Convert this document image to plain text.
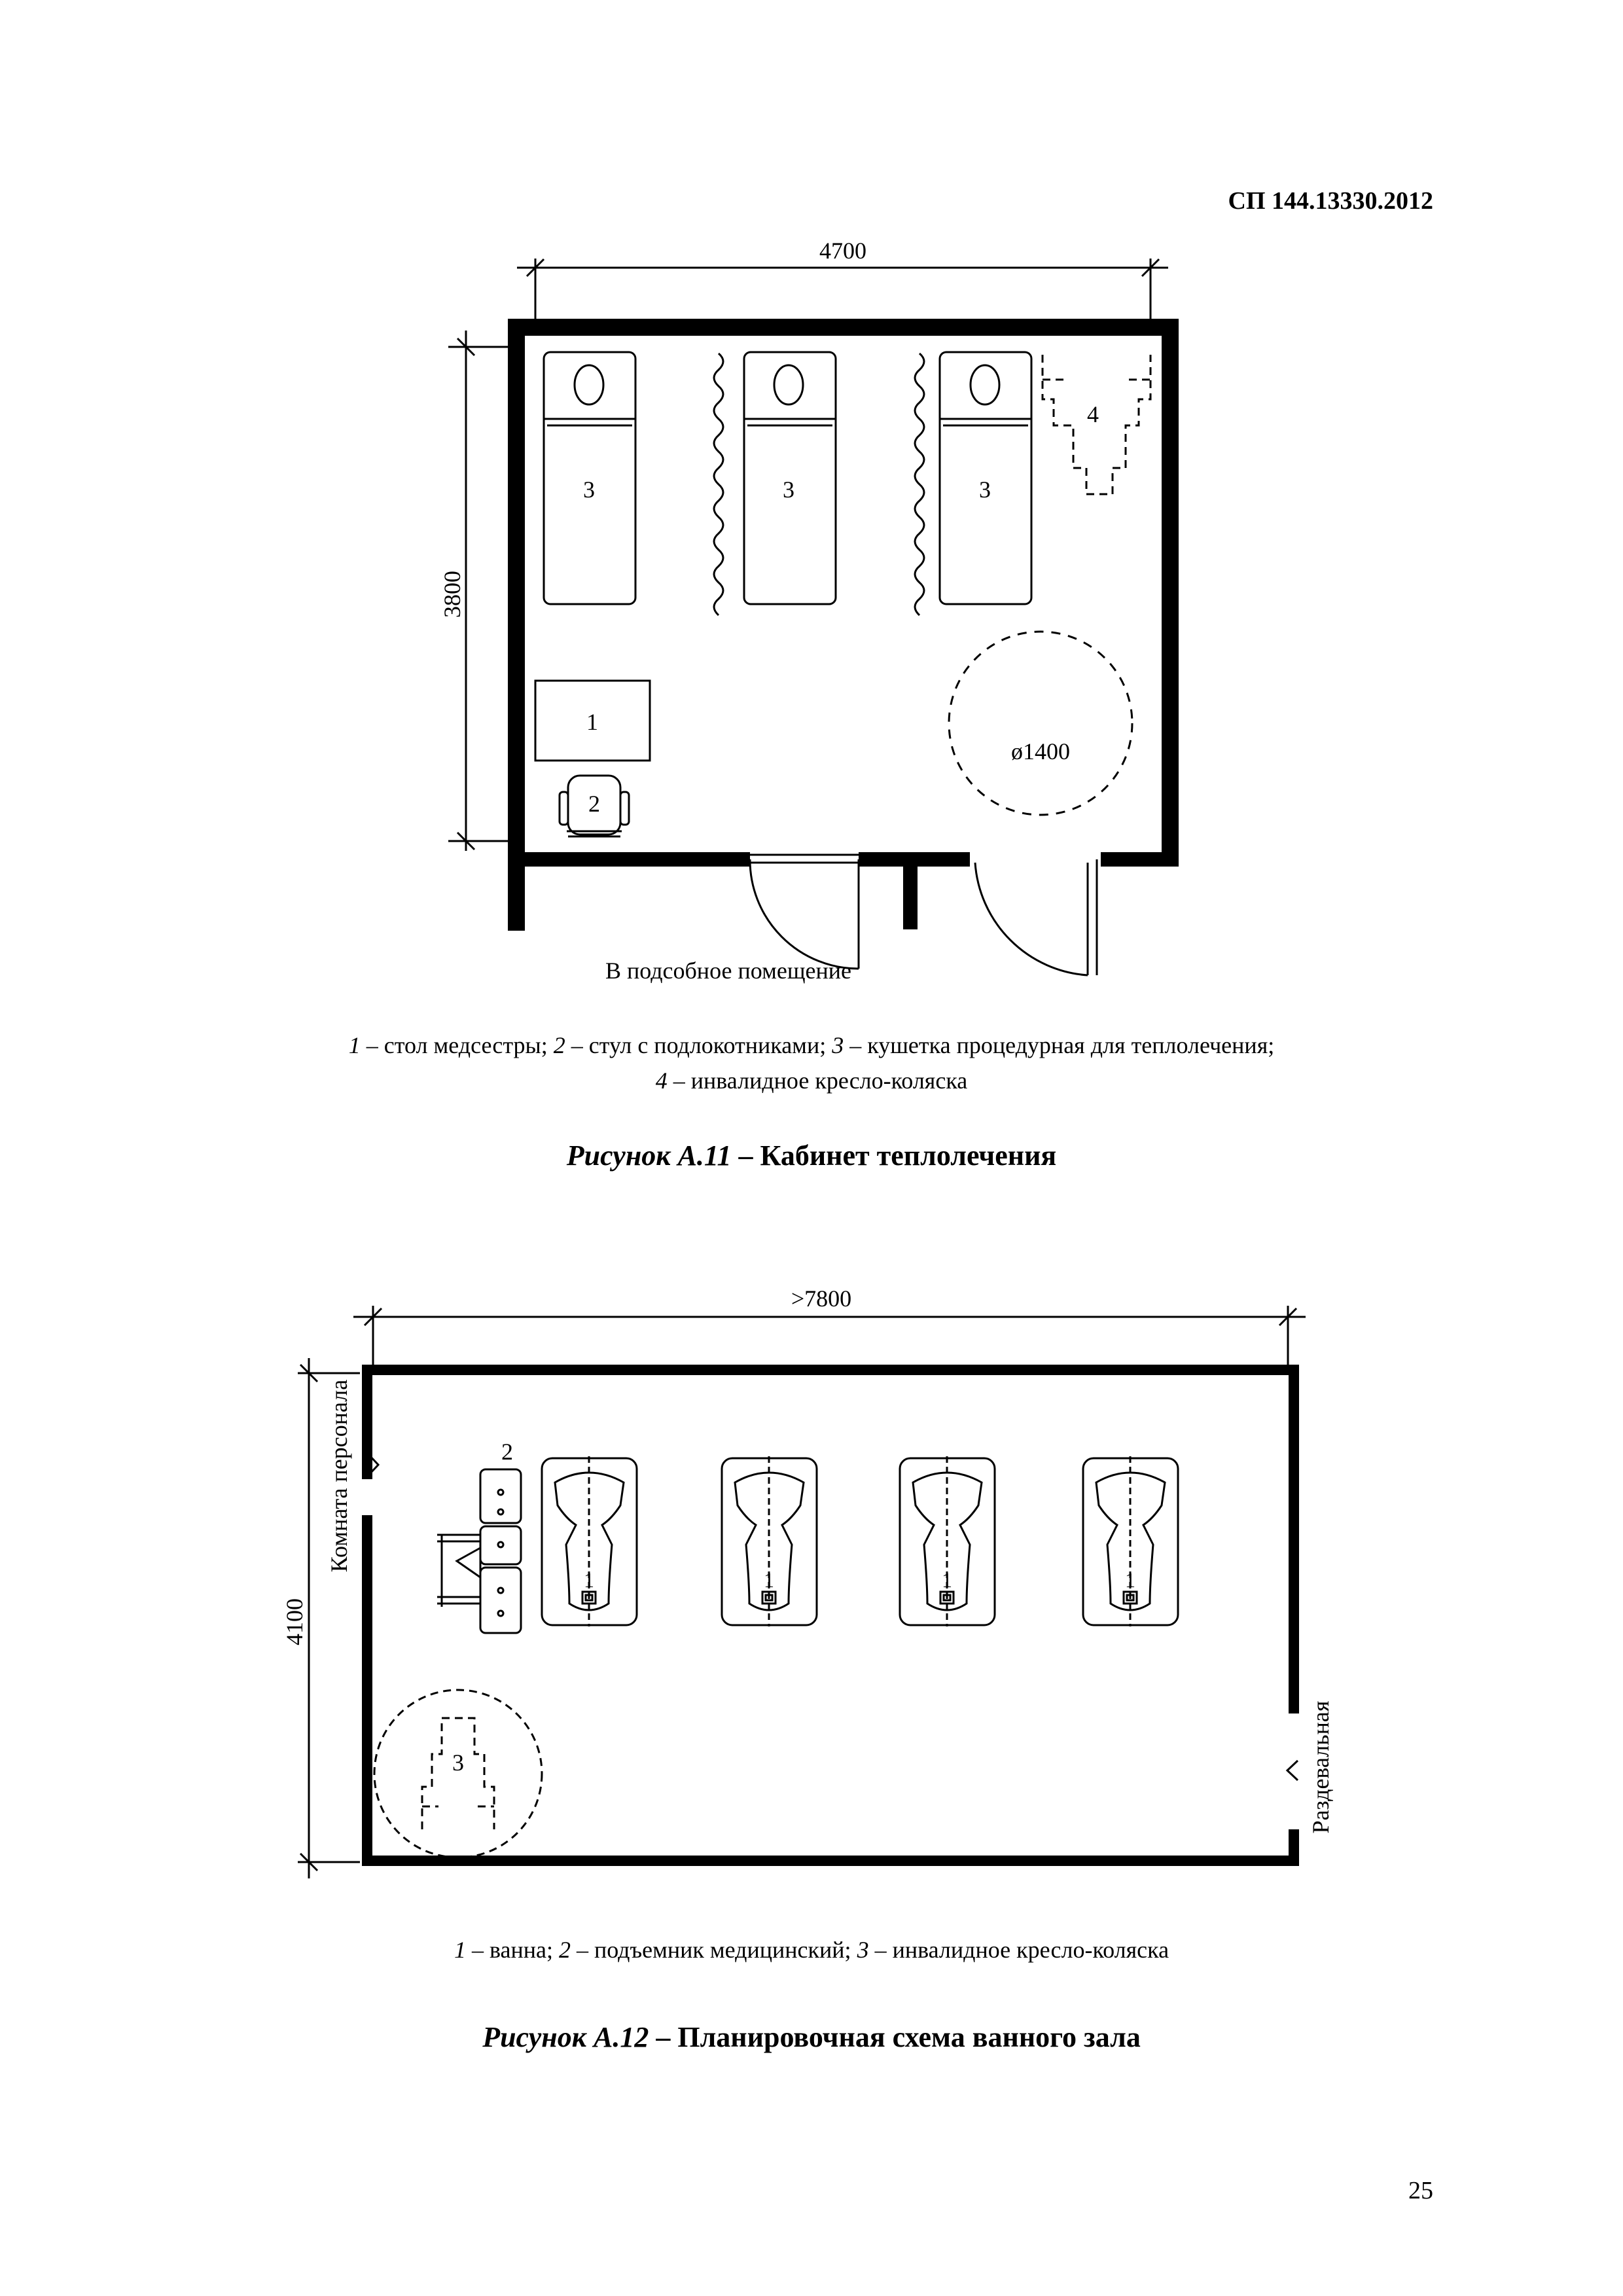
СП 144.13330.2012
4700
3800
В подсобное помещение
3	3	3
4
ø1400
1
2
1 – стол медсестры; 2 – стул с подлокотниками; 3 – кушетка процедурная для теплолечения;
4 – инвалидное кресло-коляска
Рисунок А.11 – Кабинет теплолечения
>7800
4100
Комната персонала
Раздевальная
2
1	1	1	1
3
1 – ванна; 2 – подъемник медицинский; 3 – инвалидное кресло-коляска
Рисунок А.12 – Планировочная схема ванного зала
25
